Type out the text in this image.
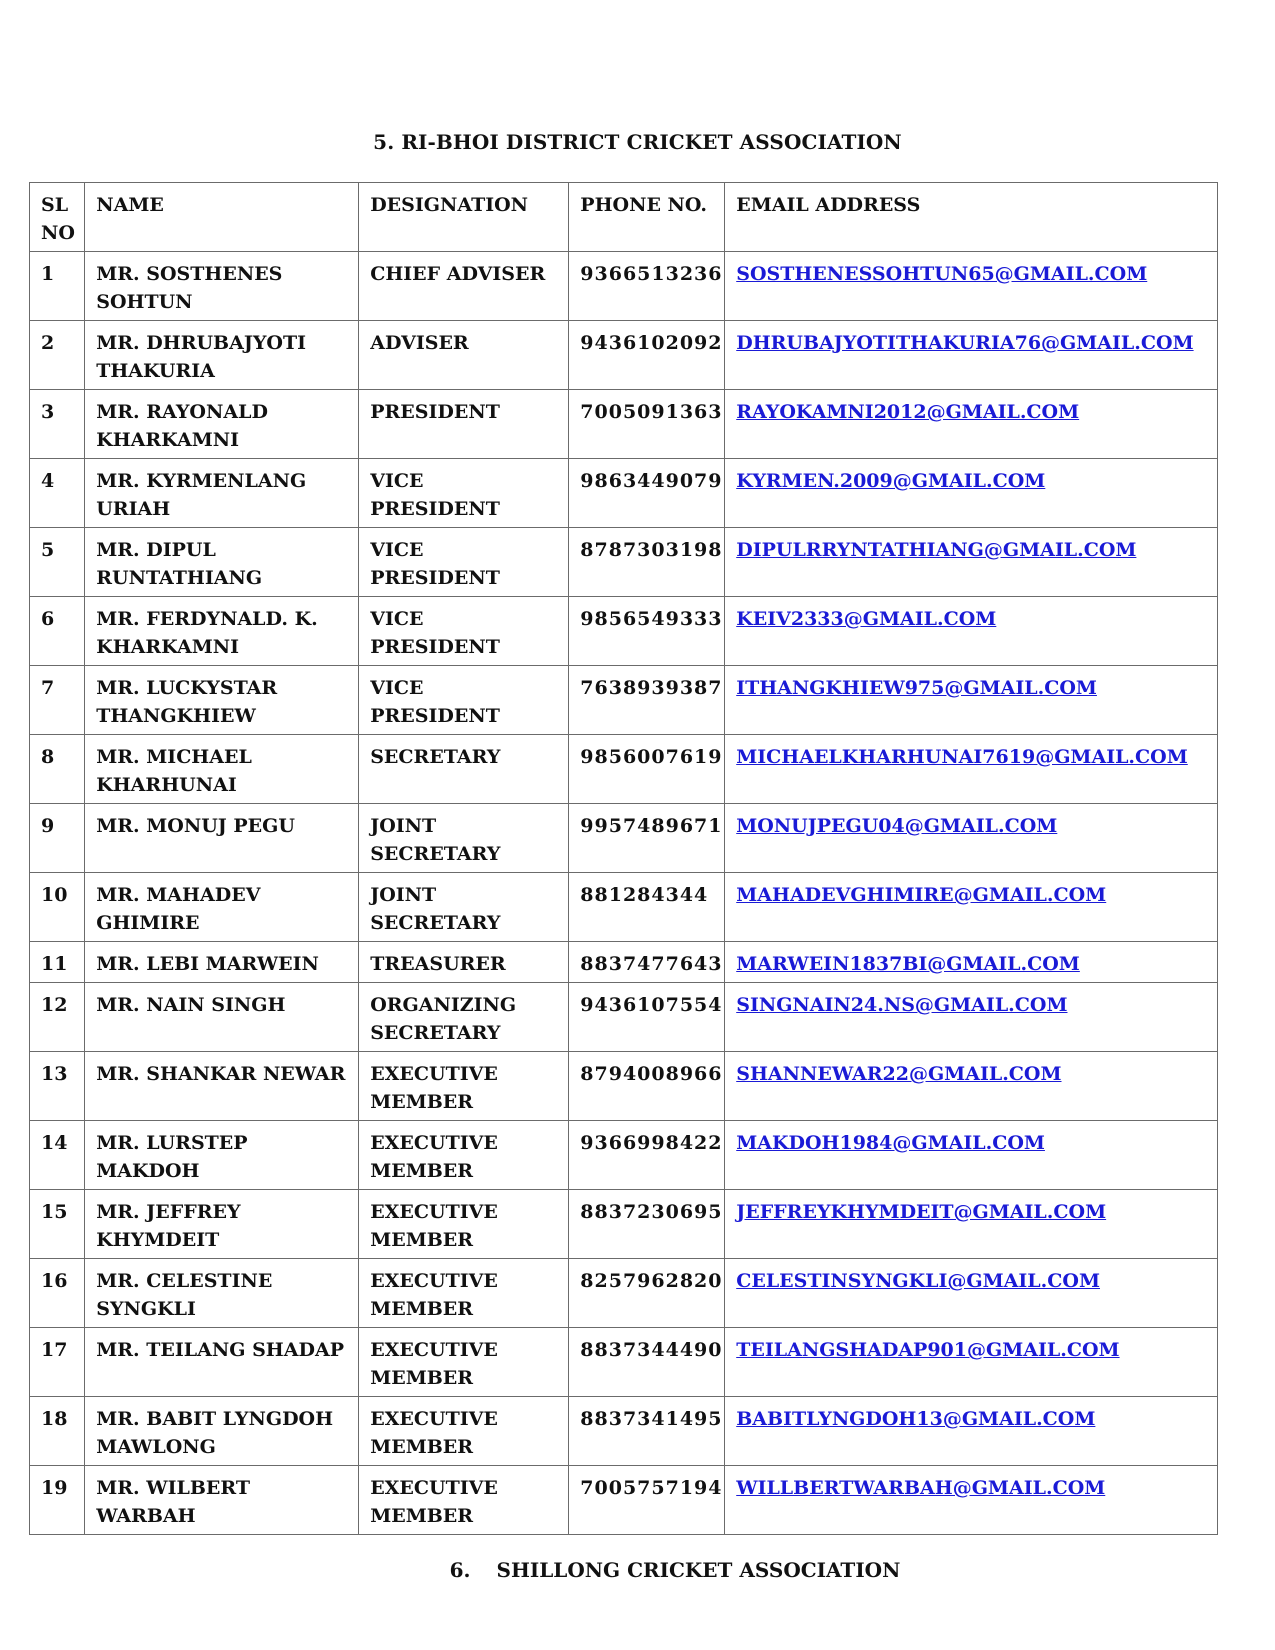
5. RI-BHOI DISTRICT CRICKET ASSOCIATION
SL NO	NAME	DESIGNATION	PHONE NO.	EMAIL ADDRESS
1	MR. SOSTHENES SOHTUN	CHIEF ADVISER	9366513236	SOSTHENESSOHTUN65@GMAIL.COM
2	MR. DHRUBAJYOTI THAKURIA	ADVISER	9436102092	DHRUBAJYOTITHAKURIA76@GMAIL.COM
3	MR. RAYONALD KHARKAMNI	PRESIDENT	7005091363	RAYOKAMNI2012@GMAIL.COM
4	MR. KYRMENLANG URIAH	VICE PRESIDENT	9863449079	KYRMEN.2009@GMAIL.COM
5	MR. DIPUL RUNTATHIANG	VICE PRESIDENT	8787303198	DIPULRRYNTATHIANG@GMAIL.COM
6	MR. FERDYNALD. K. KHARKAMNI	VICE PRESIDENT	9856549333	KEIV2333@GMAIL.COM
7	MR. LUCKYSTAR THANGKHIEW	VICE PRESIDENT	7638939387	ITHANGKHIEW975@GMAIL.COM
8	MR. MICHAEL KHARHUNAI	SECRETARY	9856007619	MICHAELKHARHUNAI7619@GMAIL.COM
9	MR. MONUJ PEGU	JOINT SECRETARY	9957489671	MONUJPEGU04@GMAIL.COM
10	MR. MAHADEV GHIMIRE	JOINT SECRETARY	881284344	MAHADEVGHIMIRE@GMAIL.COM
11	MR. LEBI MARWEIN	TREASURER	8837477643	MARWEIN1837BI@GMAIL.COM
12	MR. NAIN SINGH	ORGANIZING SECRETARY	9436107554	SINGNAIN24.NS@GMAIL.COM
13	MR. SHANKAR NEWAR	EXECUTIVE MEMBER	8794008966	SHANNEWAR22@GMAIL.COM
14	MR. LURSTEP MAKDOH	EXECUTIVE MEMBER	9366998422	MAKDOH1984@GMAIL.COM
15	MR. JEFFREY KHYMDEIT	EXECUTIVE MEMBER	8837230695	JEFFREYKHYMDEIT@GMAIL.COM
16	MR. CELESTINE SYNGKLI	EXECUTIVE MEMBER	8257962820	CELESTINSYNGKLI@GMAIL.COM
17	MR. TEILANG SHADAP	EXECUTIVE MEMBER	8837344490	TEILANGSHADAP901@GMAIL.COM
18	MR. BABIT LYNGDOH MAWLONG	EXECUTIVE MEMBER	8837341495	BABITLYNGDOH13@GMAIL.COM
19	MR. WILBERT WARBAH	EXECUTIVE MEMBER	7005757194	WILLBERTWARBAH@GMAIL.COM
6. SHILLONG CRICKET ASSOCIATION
